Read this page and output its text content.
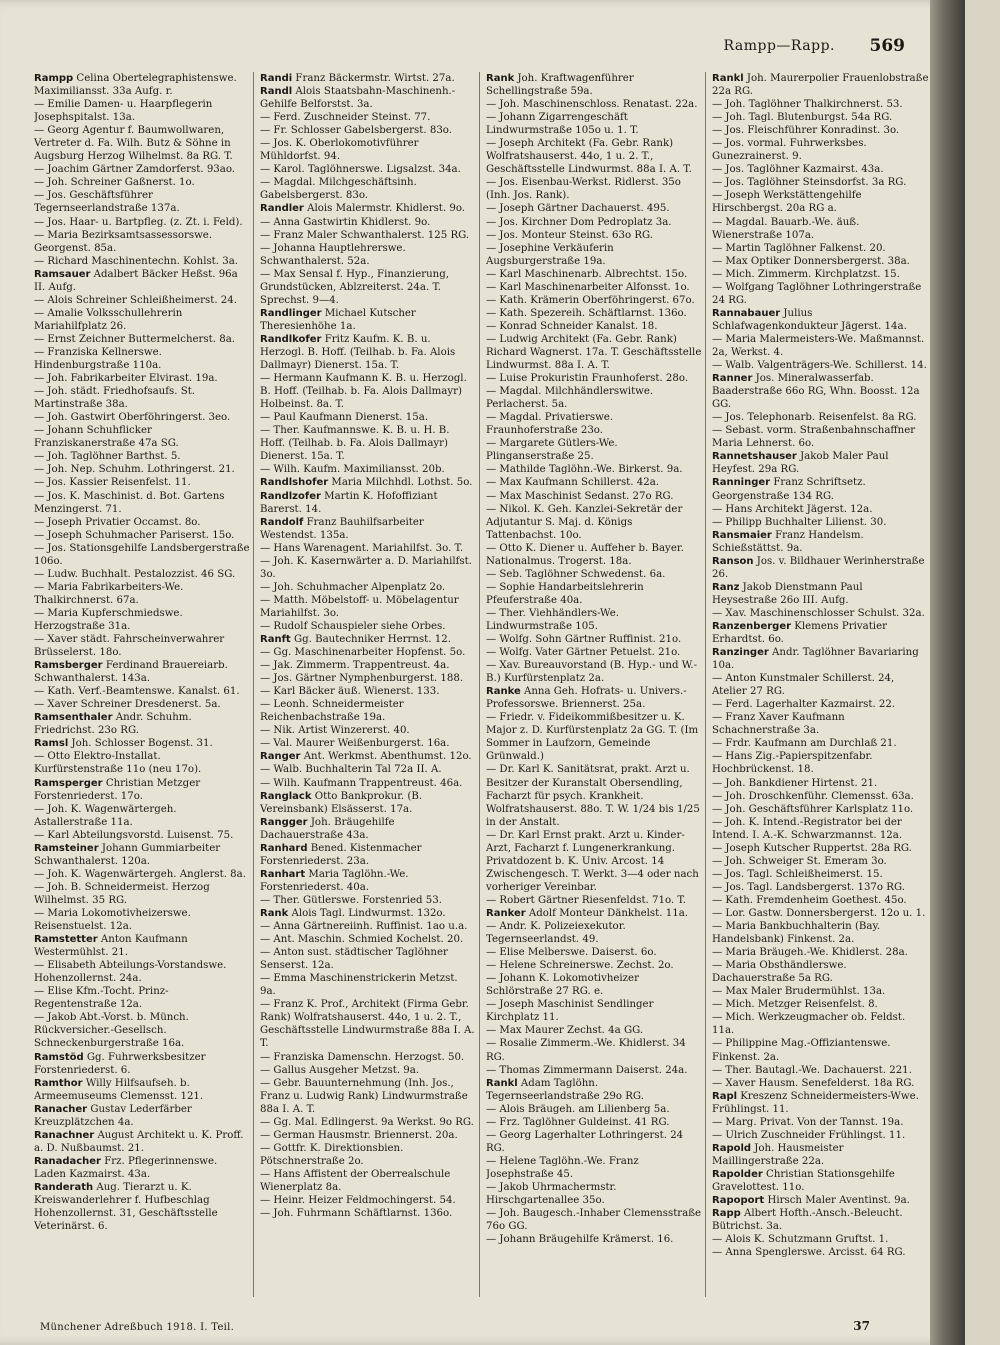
Rampp—Rapp. 569

Rampp Celina Obertelegraphistenswe. Maximiliansst. 33a Aufg. r.

— Emilie Damen- u. Haarpflegerin Josephspitalst. 13a.

— Georg Agentur f. Baumwollwaren, Vertreter d. Fa. Wilh. Butz & Söhne in Augsburg Herzog Wilhelmst. 8a RG. T.

— Joachim Gärtner Zamdorferst. 93ao.

— Joh. Schreiner Gaßnerst. 1o.

— Jos. Geschäftsführer Tegernseerlandstraße 137a.

— Jos. Haar- u. Bartpfleg. (z. Zt. i. Feld).

— Maria Bezirksamtsassessorswe. Georgenst. 85a.

— Richard Maschinentechn. Kohlst. 3a.

Ramsauer Adalbert Bäcker Heßst. 96a II. Aufg.

— Alois Schreiner Schleißheimerst. 24.

— Amalie Volksschullehrerin Mariahilfplatz 26.

— Ernst Zeichner Buttermelcherst. 8a.

— Franziska Kellnerswe. Hindenburgstraße 110a.

— Joh. Fabrikarbeiter Elvirast. 19a.

— Joh. städt. Friedhofsaufs. St. Martinstraße 38a.

— Joh. Gastwirt Oberföhringerst. 3eo.

— Johann Schuhflicker Franziskanerstraße 47a SG.

— Joh. Taglöhner Barthst. 5.

— Joh. Nep. Schuhm. Lothringerst. 21.

— Jos. Kassier Reisenfelst. 11.

— Jos. K. Maschinist. d. Bot. Gartens Menzingerst. 71.

— Joseph Privatier Occamst. 8o.

— Joseph Schuhmacher Pariserst. 15o.

— Jos. Stationsgehilfe Landsbergerstraße 106o.

— Ludw. Buchhalt. Pestalozzist. 46 SG.

— Maria Fabrikarbeiters-We. Thalkirchnerst. 67a.

— Maria Kupferschmiedswe. Herzogstraße 31a.

— Xaver städt. Fahrscheinverwahrer Brüsselerst. 18o.

Ramsberger Ferdinand Brauereiarb. Schwanthalerst. 143a.

— Kath. Verf.-Beamtenswe. Kanalst. 61.

— Xaver Schreiner Dresdenerst. 5a.

Ramsenthaler Andr. Schuhm. Friedrichst. 23o RG.

Ramsl Joh. Schlosser Bogenst. 31.

— Otto Elektro-Installat. Kurfürstenstraße 11o (neu 17o).

Ramsperger Christian Metzger Forstenriederst. 17o.

— Joh. K. Wagenwärtergeh. Astallerstraße 11a.

— Karl Abteilungsvorstd. Luisenst. 75.

Ramsteiner Johann Gummiarbeiter Schwanthalerst. 120a.

— Joh. K. Wagenwärtergeh. Anglerst. 8a.

— Joh. B. Schneidermeist. Herzog Wilhelmst. 35 RG.

— Maria Lokomotivheizerswe. Reisenstuelst. 12a.

Ramstetter Anton Kaufmann Westermühlst. 21.

— Elisabeth Abteilungs-Vorstandswe. Hohenzollernst. 24a.

— Elise Kfm.-Tocht. Prinz-Regentenstraße 12a.

— Jakob Abt.-Vorst. b. Münch. Rückversicher.-Gesellsch. Schneckenburgerstraße 16a.

Ramstöd Gg. Fuhrwerksbesitzer Forstenriederst. 6.

Ramthor Willy Hilfsaufseh. b. Armeemuseums Clemensst. 121.

Ranacher Gustav Lederfärber Kreuzplätzchen 4a.

Ranachner August Architekt u. K. Proff. a. D. Nußbaumst. 21.

Ranadacher Frz. Pflegerinnenswe. Laden Kazmairst. 43a.

Randerath Aug. Tierarzt u. K. Kreiswanderlehrer f. Hufbeschlag Hohenzollernst. 31, Geschäftsstelle Veterinärst. 6.

Randi Franz Bäckermstr. Wirtst. 27a.

Randl Alois Staatsbahn-Maschinenh.-Gehilfe Belforstst. 3a.

— Ferd. Zuschneider Steinst. 77.

— Fr. Schlosser Gabelsbergerst. 83o.

— Jos. K. Oberlokomotivführer Mühldorfst. 94.

— Karol. Taglöhnerswe. Ligsalzst. 34a.

— Magdal. Milchgeschäftsinh. Gabelsbergerst. 83o.

Randler Alois Malermstr. Khidlerst. 9o.

— Anna Gastwirtin Khidlerst. 9o.

— Franz Maler Schwanthalerst. 125 RG.

— Johanna Hauptlehrerswe. Schwanthalerst. 52a.

— Max Sensal f. Hyp., Finanzierung, Grundstücken, Ablzreiterst. 24a. T. Sprechst. 9—4.

Randlinger Michael Kutscher Theresienhöhe 1a.

Randlkofer Fritz Kaufm. K. B. u. Herzogl. B. Hoff. (Teilhab. b. Fa. Alois Dallmayr) Dienerst. 15a. T.

— Hermann Kaufmann K. B. u. Herzogl. B. Hoff. (Teilhab. b. Fa. Alois Dallmayr) Holbeinst. 8a. T.

— Paul Kaufmann Dienerst. 15a.

— Ther. Kaufmannswe. K. B. u. H. B. Hoff. (Teilhab. b. Fa. Alois Dallmayr) Dienerst. 15a. T.

— Wilh. Kaufm. Maximiliansst. 20b.

Randlshofer Maria Milchhdl. Lothst. 5o.

Randlzofer Martin K. Hofoffiziant Barerst. 14.

Randolf Franz Bauhilfsarbeiter Westendst. 135a.

— Hans Warenagent. Mariahilfst. 3o. T.

— Joh. K. Kasernwärter a. D. Mariahilfst. 3o.

— Joh. Schuhmacher Alpenplatz 2o.

— Matth. Möbelstoff- u. Möbelagentur Mariahilfst. 3o.

— Rudolf Schauspieler siehe Orbes.

Ranft Gg. Bautechniker Herrnst. 12.

— Gg. Maschinenarbeiter Hopfenst. 5o.

— Jak. Zimmerm. Trappentreust. 4a.

— Jos. Gärtner Nymphenburgerst. 188.

— Karl Bäcker äuß. Wienerst. 133.

— Leonh. Schneidermeister Reichenbachstraße 19a.

— Nik. Artist Winzererst. 40.

— Val. Maurer Weißenburgerst. 16a.

Ranger Ant. Werkmst. Abenthumst. 12o.

— Walb. Buchhalterin Tal 72a II. A.

— Wilh. Kaufmann Trappentreust. 46a.

Ranglack Otto Bankprokur. (B. Vereinsbank) Elsässerst. 17a.

Rangger Joh. Bräugehilfe Dachauerstraße 43a.

Ranhard Bened. Kistenmacher Forstenriederst. 23a.

Ranhart Maria Taglöhn.-We. Forstenriederst. 40a.

— Ther. Gütlerswe. Forstenried 53.

Rank Alois Tagl. Lindwurmst. 132o.

— Anna Gärtnereiinh. Ruffinist. 1ao u.a.

— Ant. Maschin. Schmied Kochelst. 20.

— Anton sust. städtischer Taglöhner Senserst. 12a.

— Emma Maschinenstrickerin Metzst. 9a.

— Franz K. Prof., Architekt (Firma Gebr. Rank) Wolfratshauserst. 44o, 1 u. 2. T., Geschäftsstelle Lindwurmstraße 88a I. A. T.

— Franziska Damenschn. Herzogst. 50.

— Gallus Ausgeher Metzst. 9a.

— Gebr. Bauunternehmung (Inh. Jos., Franz u. Ludwig Rank) Lindwurmstraße 88a I. A. T.

— Gg. Mal. Edlingerst. 9a Werkst. 9o RG.

— German Hausmstr. Briennerst. 20a.

— Gottfr. K. Direktionsbien. Pötschnerstraße 2o.

— Hans Affistent der Oberrealschule Wienerplatz 8a.

— Heinr. Heizer Feldmochingerst. 54.

— Joh. Fuhrmann Schäftlarnst. 136o.

Rank Joh. Kraftwagenführer Schellingstraße 59a.

— Joh. Maschinenschloss. Renatast. 22a.

— Johann Zigarrengeschäft Lindwurmstraße 105o u. 1. T.

— Joseph Architekt (Fa. Gebr. Rank) Wolfratshauserst. 44o, 1 u. 2. T., Geschäftsstelle Lindwurmst. 88a I. A. T.

— Jos. Eisenbau-Werkst. Ridlerst. 35o (Inh. Jos. Rank).

— Joseph Gärtner Dachauerst. 495.

— Jos. Kirchner Dom Pedroplatz 3a.

— Jos. Monteur Steinst. 63o RG.

— Josephine Verkäuferin Augsburgerstraße 19a.

— Karl Maschinenarb. Albrechtst. 15o.

— Karl Maschinenarbeiter Alfonsst. 1o.

— Kath. Krämerin Oberföhringerst. 67o.

— Kath. Spezereih. Schäftlarnst. 136o.

— Konrad Schneider Kanalst. 18.

— Ludwig Architekt (Fa. Gebr. Rank) Richard Wagnerst. 17a. T. Geschäftsstelle Lindwurmst. 88a I. A. T.

— Luise Prokuristin Fraunhoferst. 28o.

— Magdal. Milchhändlerswitwe. Perlacherst. 5a.

— Magdal. Privatierswe. Fraunhoferstraße 23o.

— Margarete Gütlers-We. Plinganserstraße 25.

— Mathilde Taglöhn.-We. Birkerst. 9a.

— Max Kaufmann Schillerst. 42a.

— Max Maschinist Sedanst. 27o RG.

— Nikol. K. Geh. Kanzlei-Sekretär der Adjutantur S. Maj. d. Königs Tattenbachst. 10o.

— Otto K. Diener u. Auffeher b. Bayer. Nationalmus. Trogerst. 18a.

— Seb. Taglöhner Schwedenst. 6a.

— Sophie Handarbeitslehrerin Pfeuferstraße 40a.

— Ther. Viehhändlers-We. Lindwurmstraße 105.

— Wolfg. Sohn Gärtner Ruffinist. 21o.

— Wolfg. Vater Gärtner Petuelst. 21o.

— Xav. Bureauvorstand (B. Hyp.- und W.-B.) Kurfürstenplatz 2a.

Ranke Anna Geh. Hofrats- u. Univers.-Professorswe. Briennerst. 25a.

— Friedr. v. Fideikommißbesitzer u. K. Major z. D. Kurfürstenplatz 2a GG. T. (Im Sommer in Laufzorn, Gemeinde Grünwald.)

— Dr. Karl K. Sanitätsrat, prakt. Arzt u. Besitzer der Kuranstalt Obersendling, Facharzt für psych. Krankheit. Wolfratshauserst. 88o. T. W. 1/24 bis 1/25 in der Anstalt.

— Dr. Karl Ernst prakt. Arzt u. Kinder-Arzt, Facharzt f. Lungenerkrankung. Privatdozent b. K. Univ. Arcost. 14 Zwischengesch. T. Werkt. 3—4 oder nach vorheriger Vereinbar.

— Robert Gärtner Riesenfeldst. 71o. T.

Ranker Adolf Monteur Dänkhelst. 11a.

— Andr. K. Polizeiexekutor. Tegernseerlandst. 49.

— Elise Melberswe. Daiserst. 6o.

— Helene Schreinerswe. Zechst. 2o.

— Johann K. Lokomotivheizer Schlörstraße 27 RG. e.

— Joseph Maschinist Sendlinger Kirchplatz 11.

— Max Maurer Zechst. 4a GG.

— Rosalie Zimmerm.-We. Khidlerst. 34 RG.

— Thomas Zimmermann Daiserst. 24a.

Rankl Adam Taglöhn. Tegernseerlandstraße 29o RG.

— Alois Bräugeh. am Lilienberg 5a.

— Frz. Taglöhner Guldeinst. 41 RG.

— Georg Lagerhalter Lothringerst. 24 RG.

— Helene Taglöhn.-We. Franz Josephstraße 45.

— Jakob Uhrmachermstr. Hirschgartenallee 35o.

— Joh. Baugesch.-Inhaber Clemensstraße 76o GG.

— Johann Bräugehilfe Krämerst. 16.

Rankl Joh. Maurerpolier Frauenlobstraße 22a RG.

— Joh. Taglöhner Thalkirchnerst. 53.

— Joh. Tagl. Blutenburgst. 54a RG.

— Jos. Fleischführer Konradinst. 3o.

— Jos. vormal. Fuhrwerksbes. Gunezrainerst. 9.

— Jos. Taglöhner Kazmairst. 43a.

— Jos. Taglöhner Steinsdorfst. 3a RG.

— Joseph Werkstättengehilfe Hirschbergst. 20a RG a.

— Magdal. Bauarb.-We. äuß. Wienerstraße 107a.

— Martin Taglöhner Falkenst. 20.

— Max Optiker Donnersbergerst. 38a.

— Mich. Zimmerm. Kirchplatzst. 15.

— Wolfgang Taglöhner Lothringerstraße 24 RG.

Rannabauer Julius Schlafwagenkondukteur Jägerst. 14a.

— Maria Malermeisters-We. Maßmannst. 2a, Werkst. 4.

— Walb. Valgenträgers-We. Schillerst. 14.

Ranner Jos. Mineralwasserfab. Baaderstraße 66o RG, Whn. Boosst. 12a GG.

— Jos. Telephonarb. Reisenfelst. 8a RG.

— Sebast. vorm. Straßenbahnschaffner Maria Lehnerst. 6o.

Rannetshauser Jakob Maler Paul Heyfest. 29a RG.

Ranninger Franz Schriftsetz. Georgenstraße 134 RG.

— Hans Architekt Jägerst. 12a.

— Philipp Buchhalter Lilienst. 30.

Ransmaier Franz Handelsm. Schießstättst. 9a.

Ranson Jos. v. Bildhauer Werinherstraße 26.

Ranz Jakob Dienstmann Paul Heysestraße 26o III. Aufg.

— Xav. Maschinenschlosser Schulst. 32a.

Ranzenberger Klemens Privatier Erhardtst. 6o.

Ranzinger Andr. Taglöhner Bavariaring 10a.

— Anton Kunstmaler Schillerst. 24, Atelier 27 RG.

— Ferd. Lagerhalter Kazmairst. 22.

— Franz Xaver Kaufmann Schachnerstraße 3a.

— Frdr. Kaufmann am Durchlaß 21.

— Hans Zig.-Papierspitzenfabr. Hochbrückenst. 18.

— Joh. Bankdiener Hirtenst. 21.

— Joh. Droschkenführ. Clemensst. 63a.

— Joh. Geschäftsführer Karlsplatz 11o.

— Joh. K. Intend.-Registrator bei der Intend. I. A.-K. Schwarzmannst. 12a.

— Joseph Kutscher Ruppertst. 28a RG.

— Joh. Schweiger St. Emeram 3o.

— Jos. Tagl. Schleißheimerst. 15.

— Jos. Tagl. Landsbergerst. 137o RG.

— Kath. Fremdenheim Goethest. 45o.

— Lor. Gastw. Donnersbergerst. 12o u. 1.

— Maria Bankbuchhalterin (Bay. Handelsbank) Finkenst. 2a.

— Maria Bräugeh.-We. Khidlerst. 28a.

— Maria Obsthändlerswe. Dachauerstraße 5a RG.

— Max Maler Brudermühlst. 13a.

— Mich. Metzger Reisenfelst. 8.

— Mich. Werkzeugmacher ob. Feldst. 11a.

— Philippine Mag.-Offiziantenswe. Finkenst. 2a.

— Ther. Bautagl.-We. Dachauerst. 221.

— Xaver Hausm. Senefelderst. 18a RG.

Rapl Kreszenz Schneidermeisters-Wwe. Frühlingst. 11.

— Marg. Privat. Von der Tannst. 19a.

— Ulrich Zuschneider Frühlingst. 11.

Rapold Joh. Hausmeister Maillingerstraße 22a.

Rapolder Christian Stationsgehilfe Gravelottest. 11o.

Rapoport Hirsch Maler Aventinst. 9a.

Rapp Albert Hofth.-Ansch.-Beleucht. Bütrichst. 3a.

— Alois K. Schutzmann Gruftst. 1.

— Anna Spenglerswe. Arcisst. 64 RG.

Münchener Adreßbuch 1918. I. Teil.	37
